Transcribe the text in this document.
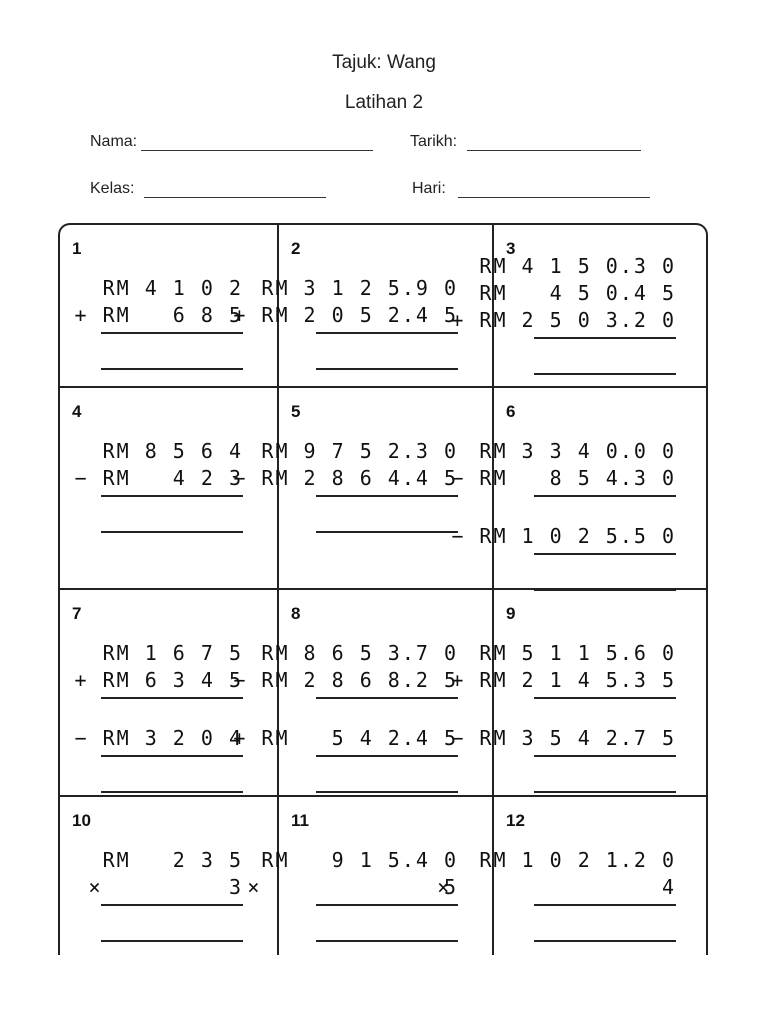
Tajuk: Wang
Latihan 2
Nama:	Tarikh:
Kelas:	Hari:
1
RM 4 1 0 2
+ RM   6 8 5
2
RM 3 1 2 5.9 0
+ RM 2 0 5 2.4 5
3
RM 4 1 5 0.3 0
RM   4 5 0.4 5
+ RM 2 5 0 3.2 0
4
RM 8 5 6 4
− RM   4 2 3
5
RM 9 7 5 2.3 0
− RM 2 8 6 4.4 5
6
RM 3 3 4 0.0 0
− RM   8 5 4.3 0
− RM 1 0 2 5.5 0
7
RM 1 6 7 5
+ RM 6 3 4 5
− RM 3 2 0 4
8
RM 8 6 5 3.7 0
− RM 2 8 6 8.2 5
+ RM   5 4 2.4 5
9
RM 5 1 1 5.6 0
+ RM 2 1 4 5.3 5
− RM 3 5 4 2.7 5
10
RM   2 3 5
×         3
11
RM   9 1 5.4 0
×             5
12
RM 1 0 2 1.2 0
×               4
